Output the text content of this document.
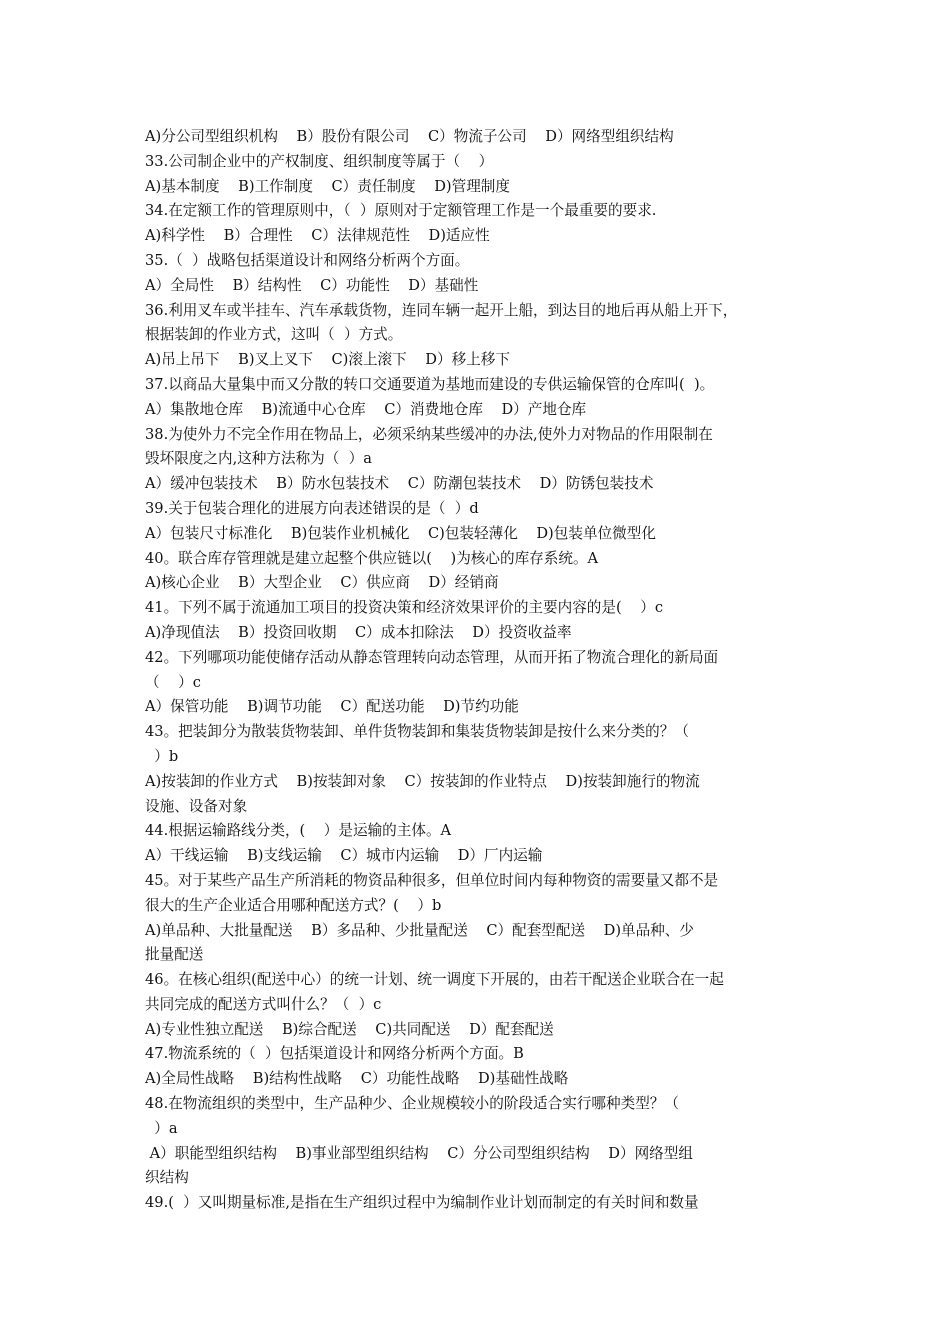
A)分公司型组织机构    B）股份有限公司    C）物流子公司    D）网络型组织结构
33.公司制企业中的产权制度、组织制度等属于（    ）
A)基本制度    B)工作制度    C）责任制度    D)管理制度
34.在定额工作的管理原则中，（  ）原则对于定额管理工作是一个最重要的要求.
A)科学性    B）合理性    C）法律规范性    D)适应性
35.（  ）战略包括渠道设计和网络分析两个方面。
A）全局性    B）结构性    C）功能性    D）基础性
36.利用叉车或半挂车、汽车承载货物，连同车辆一起开上船，到达目的地后再从船上开下，
根据装卸的作业方式，这叫（  ）方式。
A)吊上吊下    B)叉上叉下    C)滚上滚下    D）移上移下
37.以商品大量集中而又分散的转口交通要道为基地而建设的专供运输保管的仓库叫(  )。
A）集散地仓库    B)流通中心仓库    C）消费地仓库    D）产地仓库
38.为使外力不完全作用在物品上，必须采纳某些缓冲的办法,使外力对物品的作用限制在
毁坏限度之内,这种方法称为（  ）a
A）缓冲包装技术    B）防水包装技术    C）防潮包装技术    D）防锈包装技术
39.关于包装合理化的进展方向表述错误的是（  ）d
A）包装尺寸标准化    B)包装作业机械化    C)包装轻薄化    D)包装单位微型化
40。联合库存管理就是建立起整个供应链以(    )为核心的库存系统。A
A)核心企业    B）大型企业    C）供应商    D）经销商
41。下列不属于流通加工项目的投资决策和经济效果评价的主要内容的是(    ）c
A)净现值法    B）投资回收期    C）成本扣除法    D）投资收益率
42。下列哪项功能使储存活动从静态管理转向动态管理，从而开拓了物流合理化的新局面
（    ）c
A）保管功能    B)调节功能    C）配送功能    D)节约功能
43。把装卸分为散装货物装卸、单件货物装卸和集装货物装卸是按什么来分类的？（
）b
A)按装卸的作业方式    B)按装卸对象    C）按装卸的作业特点    D)按装卸施行的物流
设施、设备对象
44.根据运输路线分类，(    ）是运输的主体。A
A）干线运输    B)支线运输    C）城市内运输    D）厂内运输
45。对于某些产品生产所消耗的物资品种很多，但单位时间内每种物资的需要量又都不是
很大的生产企业适合用哪种配送方式？(    ）b
A)单品种、大批量配送    B）多品种、少批量配送    C）配套型配送    D)单品种、少
批量配送
46。在核心组织(配送中心）的统一计划、统一调度下开展的，由若干配送企业联合在一起
共同完成的配送方式叫什么？（  ）c
A)专业性独立配送    B)综合配送    C)共同配送    D）配套配送
47.物流系统的（  ）包括渠道设计和网络分析两个方面。B
A)全局性战略    B)结构性战略    C）功能性战略    D)基础性战略
48.在物流组织的类型中，生产品种少、企业规模较小的阶段适合实行哪种类型？（
）a
A）职能型组织结构    B)事业部型组织结构    C）分公司型组织结构    D）网络型组
织结构
49.(  ）又叫期量标准,是指在生产组织过程中为编制作业计划而制定的有关时间和数量
